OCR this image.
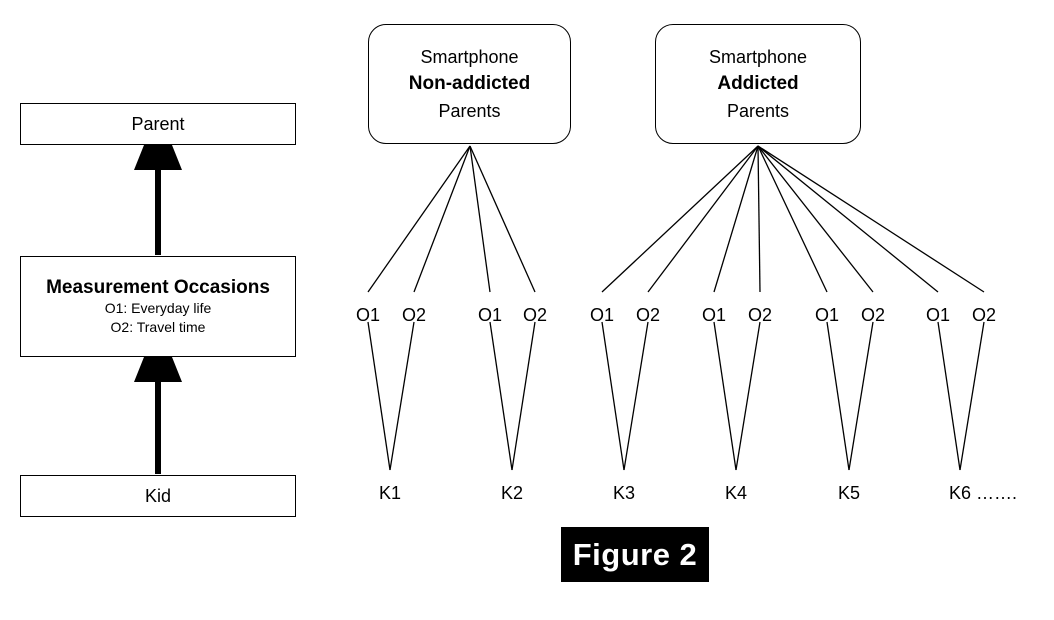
Parent
Measurement Occasions
O1: Everyday life
O2: Travel time
Kid
Smartphone
Non-addicted
Parents
Smartphone
Addicted
Parents
O1 O2	O1 O2 O1 O2 O1 O2 O1 O2 O1 O2
K1	K2	K3	K4	K5	K6 …….
Figure 2
